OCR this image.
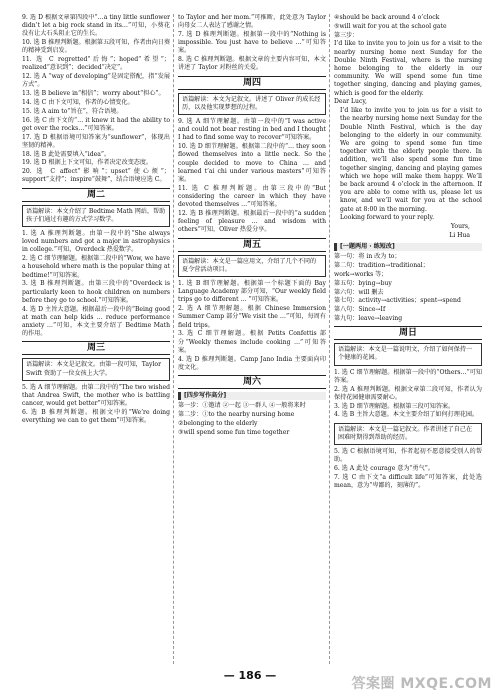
9. 选 D 根据文章第四段中“…a tiny little sunflower didn’t let a big rock stand in its…”可知，小葵花没有让大石头阻止它的生长。
10. 选 B 推理判断题。根据第五段可知，作者由向日葵的精神受到启发。
11. 选 C regretted“后悔”；hoped“希望”；realized“意识到”；decided“决定”。
12. 选 A “way of developing”是固定搭配，指“发展方式”。
13. 选 B believe in“相信”；worry about“担心”。
14. 选 C 由下文可知，作者的心情变化。
15. 选 A aim to“旨在”，符合语境。
16. 选 C 由下文的“… it knew it had the ability to get over the rocks…”可知答案。
17. 选 D 根据语境可知答案为“sunflower”，体现出坚韧的精神。
18. 选 B 此处需要填入“idea”。
19. 选 D 根据上下文可知，作者决定改变态度。
20. 选 C affect“影响”；upset“使心烦”；support“支持”；inspire“鼓舞”，结合语境应选 C。
周二
语篇解读：本文介绍了 Bedtime Math 网站，帮助孩子们通过有趣的方式学习数学。
1. 选 A 推理判断题。由第一段中的“She always loved numbers and got a major in astrophysics in college.”可知，Overdeck 热爱数学。
2. 选 C 细节理解题。根据第二段中的“Wow, we have a household where math is the popular thing at bedtime!”可知答案。
3. 选 B 推理判断题。由第三段中的“Overdeck is particularly keen to hook children on numbers before they go to school.”可知答案。
4. 选 D 主旨大意题。根据最后一段中的“Being good at math can help kids … reduce performance anxiety …”可知，本文主要介绍了 Bedtime Math 的作用。
周三
语篇解读：本文是记叙文。由第一段可知，Taylor Swift 资助了一位女孩上大学。
5. 选 A 细节理解题。由第二段中的“The two wished that Andrea Swift, the mother who is battling cancer, would get better”可知答案。
6. 选 B 推理判断题。根据文中的“We’re doing everything we can to get them”可知答案。
to Taylor and her mom.”可推断，此处意为 Taylor 向母女二人表达了感谢之情。
7. 选 D 推理判断题。根据第一段中的“Nothing is impossible. You just have to believe …”可知答案。
8. 选 C 推理判断题。根据文章的主要内容可知，本文讲述了 Taylor 对粉丝的关爱。
周四
语篇解读：本文为记叙文。讲述了 Oliver 的成长经历，以及他实现梦想的过程。
9. 选 A 细节理解题。由第一段中的“I was active and could not bear resting in bed and I thought I had to find some way to recover”可知答案。
10. 选 D 细节理解题。根据第二段中的“… they soon flowed themselves into a little neck. So the couple decided to move to China … and learned t’ai chi under various masters”可知答案。
11. 选 C 推理判断题。由第三段中的“But considering the career in which they have devoted themselves …”可知答案。
12. 选 B 推理判断题。根据最后一段中的“a sudden feeling of pleasure … and wisdom with others”可知，Oliver 热爱分享。
周五
语篇解读：本文是一篇应用文，介绍了几个不同的夏令营活动项目。
1. 选 B 细节理解题。根据第一个标题下面的 Bay Language Academy 部分可知，“Our weekly field trips go to different … ”可知答案。
2. 选 A 细节理解题。根据 Chinese Immersion Summer Camp 部分“We visit the …”可知，每周有 field trips。
3. 选 C 细节理解题。根据 Petits Confettis 部分“Weekly themes include cooking …”可知答案。
4. 选 D 推理判断题。Camp Jano India 主要面向印度文化。
周六
[四步写作高分]
第一步：①邀请 ②一起 ③一群人 ④一般将来时
第二步：①to the nearby nursing home
②belonging to the elderly
③will spend some fun time together
④should be back around 4 o’clock
⑤will wait for you at the school gate
第三步：
I’d like to invite you to join us for a visit to the nearby nursing home next Sunday for the Double Ninth Festival, where is the nursing home belonging to the elderly in our community. We will spend some fun time together singing, dancing and playing games, which is good for the elderly.
Dear Lucy,
I’d like to invite you to join us for a visit to the nearby nursing home next Sunday for the Double Ninth Festival, which is the day belonging to the elderly in our community. We are going to spend some fun time together with the elderly people there. In addition, we’ll also spend some fun time together singing, dancing and playing games which we hope will make them happy. We’ll be back around 4 o’clock in the afternoon. If you are able to come with us, please let us know, and we’ll wait for you at the school gate at 8:00 in the morning.
Looking forward to your reply.
Yours,
Li Hua
[一题两用 · 练短改]
第一句：将 in 改为 to；
第二句：tradition→traditional；
work→works 等；
第五句：bying→buy
第六句：will 删去
第七句：activity→activities；spent→spend
第八句：Since→If
第九句：leave→leaving
周日
语篇解读：本文是一篇说明文，介绍了如何保持一个健康的花园。
1. 选 C 细节理解题。根据第一段中的“Others…”可知答案。
2. 选 A 推理判断题。根据文章第二段可知，作者认为保持花园健康需要耐心。
3. 选 D 细节理解题。根据第三段可知答案。
4. 选 B 主旨大意题。本文主要介绍了如何打理花园。
语篇解读：本文是一篇记叙文。作者讲述了自己在困难时期得到帮助的经历。
5. 选 C 根据语境可知，作者起初不愿意接受别人的帮助。
6. 选 A 此处 courage 意为“勇气”。
7. 选 C 由下文“a difficult life”可知答案，此处选 mean，意为“卑鄙的，刻薄的”。
— 186 —
答案圈 MXQE.COM
